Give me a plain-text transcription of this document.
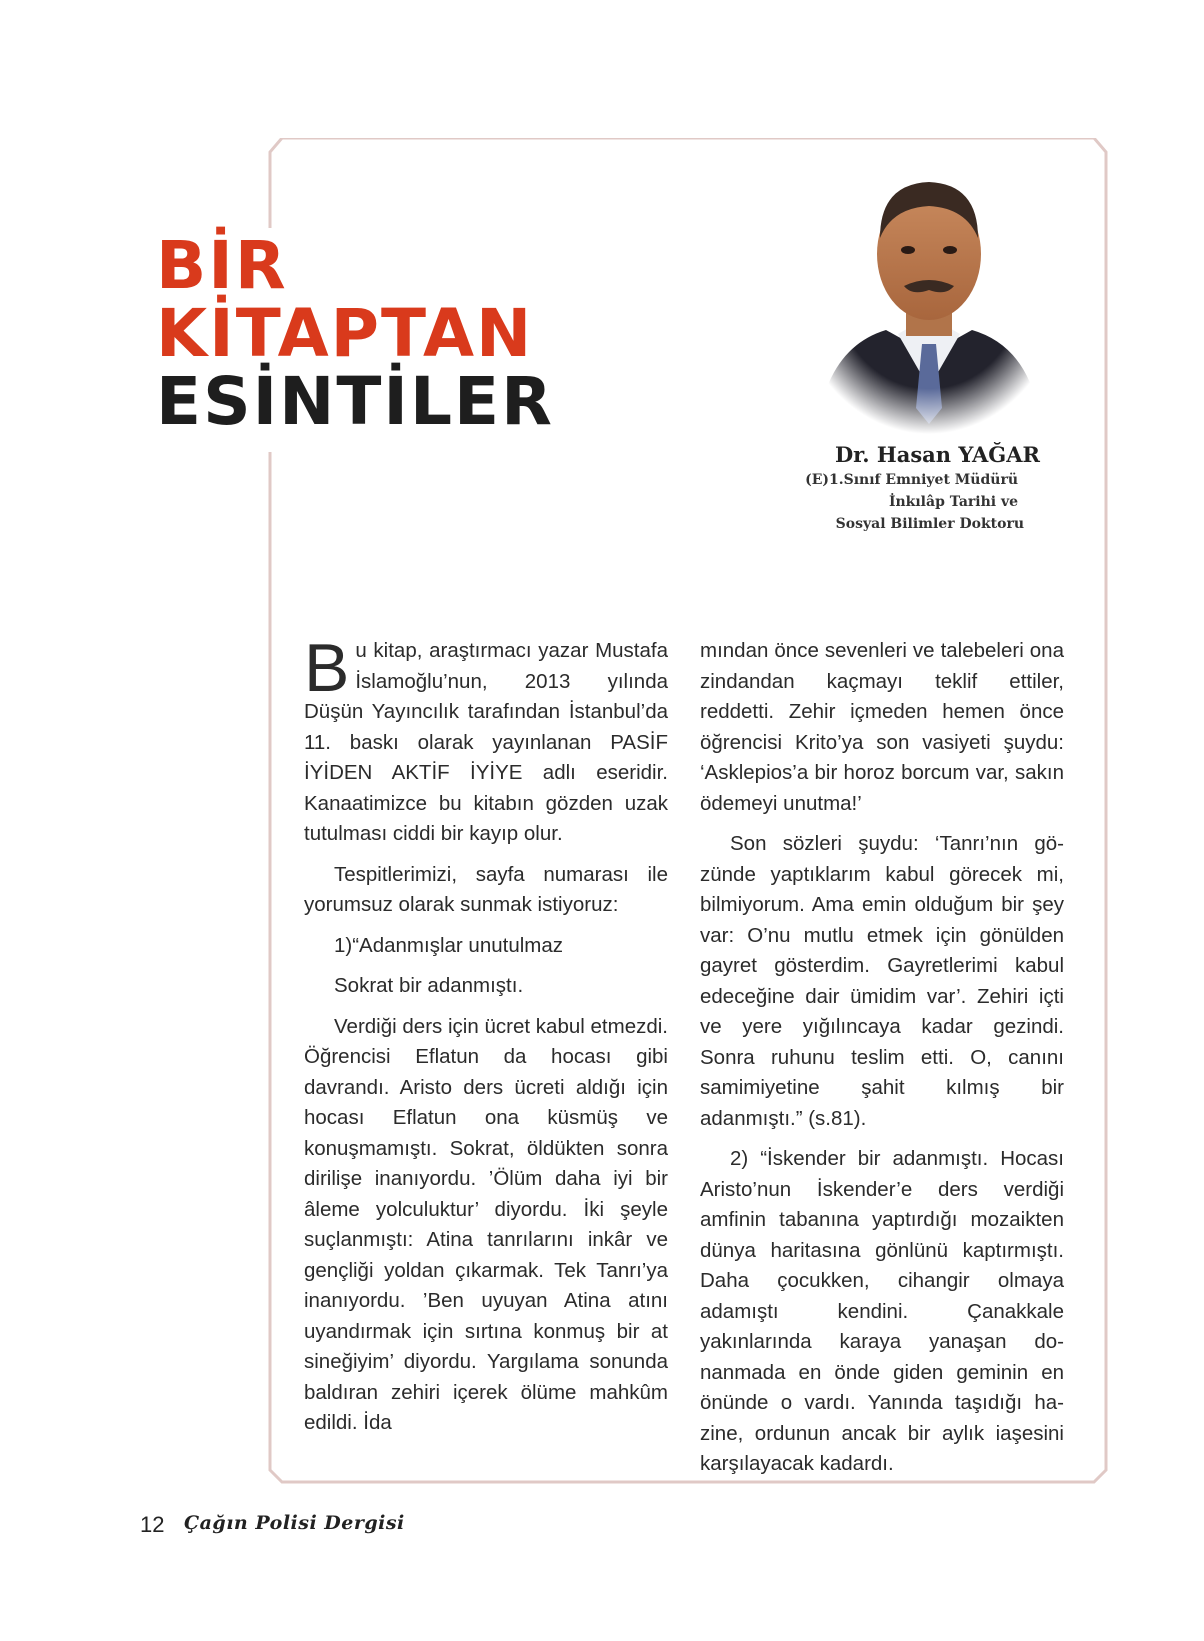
BİR
KİTAPTAN
ESİNTİLER
Dr. Hasan YAĞAR
(E)1.Sınıf Emniyet Müdürü
İnkılâp Tarihi ve
Sosyal Bilimler Doktoru

Bu kitap, araştırmacı yazar Mustafa İslamoğlu’nun, 2013 yılında Düşün Yayıncılık tarafından İstanbul’da 11. baskı olarak yayınlanan PASİF İYİDEN AKTİF İYİYE adlı eseridir. Kanaatimizce bu kitabın gözden uzak tutulması ciddi bir kayıp olur.

Tespitlerimizi, sayfa numarası ile yorumsuz olarak sunmak istiyoruz:

1)“Adanmışlar unutulmaz

Sokrat bir adanmıştı.

Verdiği ders için ücret kabul etmezdi. Öğrencisi Eflatun da hocası gibi davrandı. Aristo ders ücreti aldığı için hocası Eflatun ona küsmüş ve konuşmamıştı. Sokrat, öldükten sonra dirilişe inanıyordu. ’Ölüm daha iyi bir âleme yolculuktur’ diyordu. İki şeyle suçlanmıştı: Atina tanrılarını inkâr ve gençliği yoldan çıkarmak. Tek Tanrı’ya inanıyordu. ’Ben uyuyan Atina atını uyandırmak için sırtına konmuş bir at sineğiyim’ diyordu. Yargılama sonunda baldıran zehiri içerek ölüme mahkûm edildi. İda

mından önce sevenleri ve talebeleri ona zindandan kaçmayı teklif ettiler, reddetti. Zehir içmeden hemen önce öğrencisi Krito’ya son vasiyeti şuydu: ‘Asklepios’a bir horoz borcum var, sakın ödemeyi unutma!’

Son sözleri şuydu: ‘Tanrı’nın gözünde yaptıklarım kabul görecek mi, bilmiyorum. Ama emin olduğum bir şey var: O’nu mutlu etmek için gönülden gayret gösterdim. Gayretlerimi kabul edeceğine dair ümidim var’. Zehiri içti ve yere yığılıncaya kadar gezindi. Sonra ruhunu teslim etti. O, canını samimiyetine şahit kılmış bir adanmıştı.” (s.81).

2) “İskender bir adanmıştı. Hocası Aristo’nun İskender’e ders verdiği amfinin tabanına yaptırdığı mozaikten dünya haritasına gönlünü kaptırmıştı. Daha çocukken, cihangir olmaya adamıştı kendini. Çanakkale yakınlarında karaya yanaşan donanmada en önde giden geminin en önünde o vardı. Yanında taşıdığı hazine, ordunun ancak bir aylık iaşesini karşılayacak kadardı.

12 Çağın Polisi Dergisi
